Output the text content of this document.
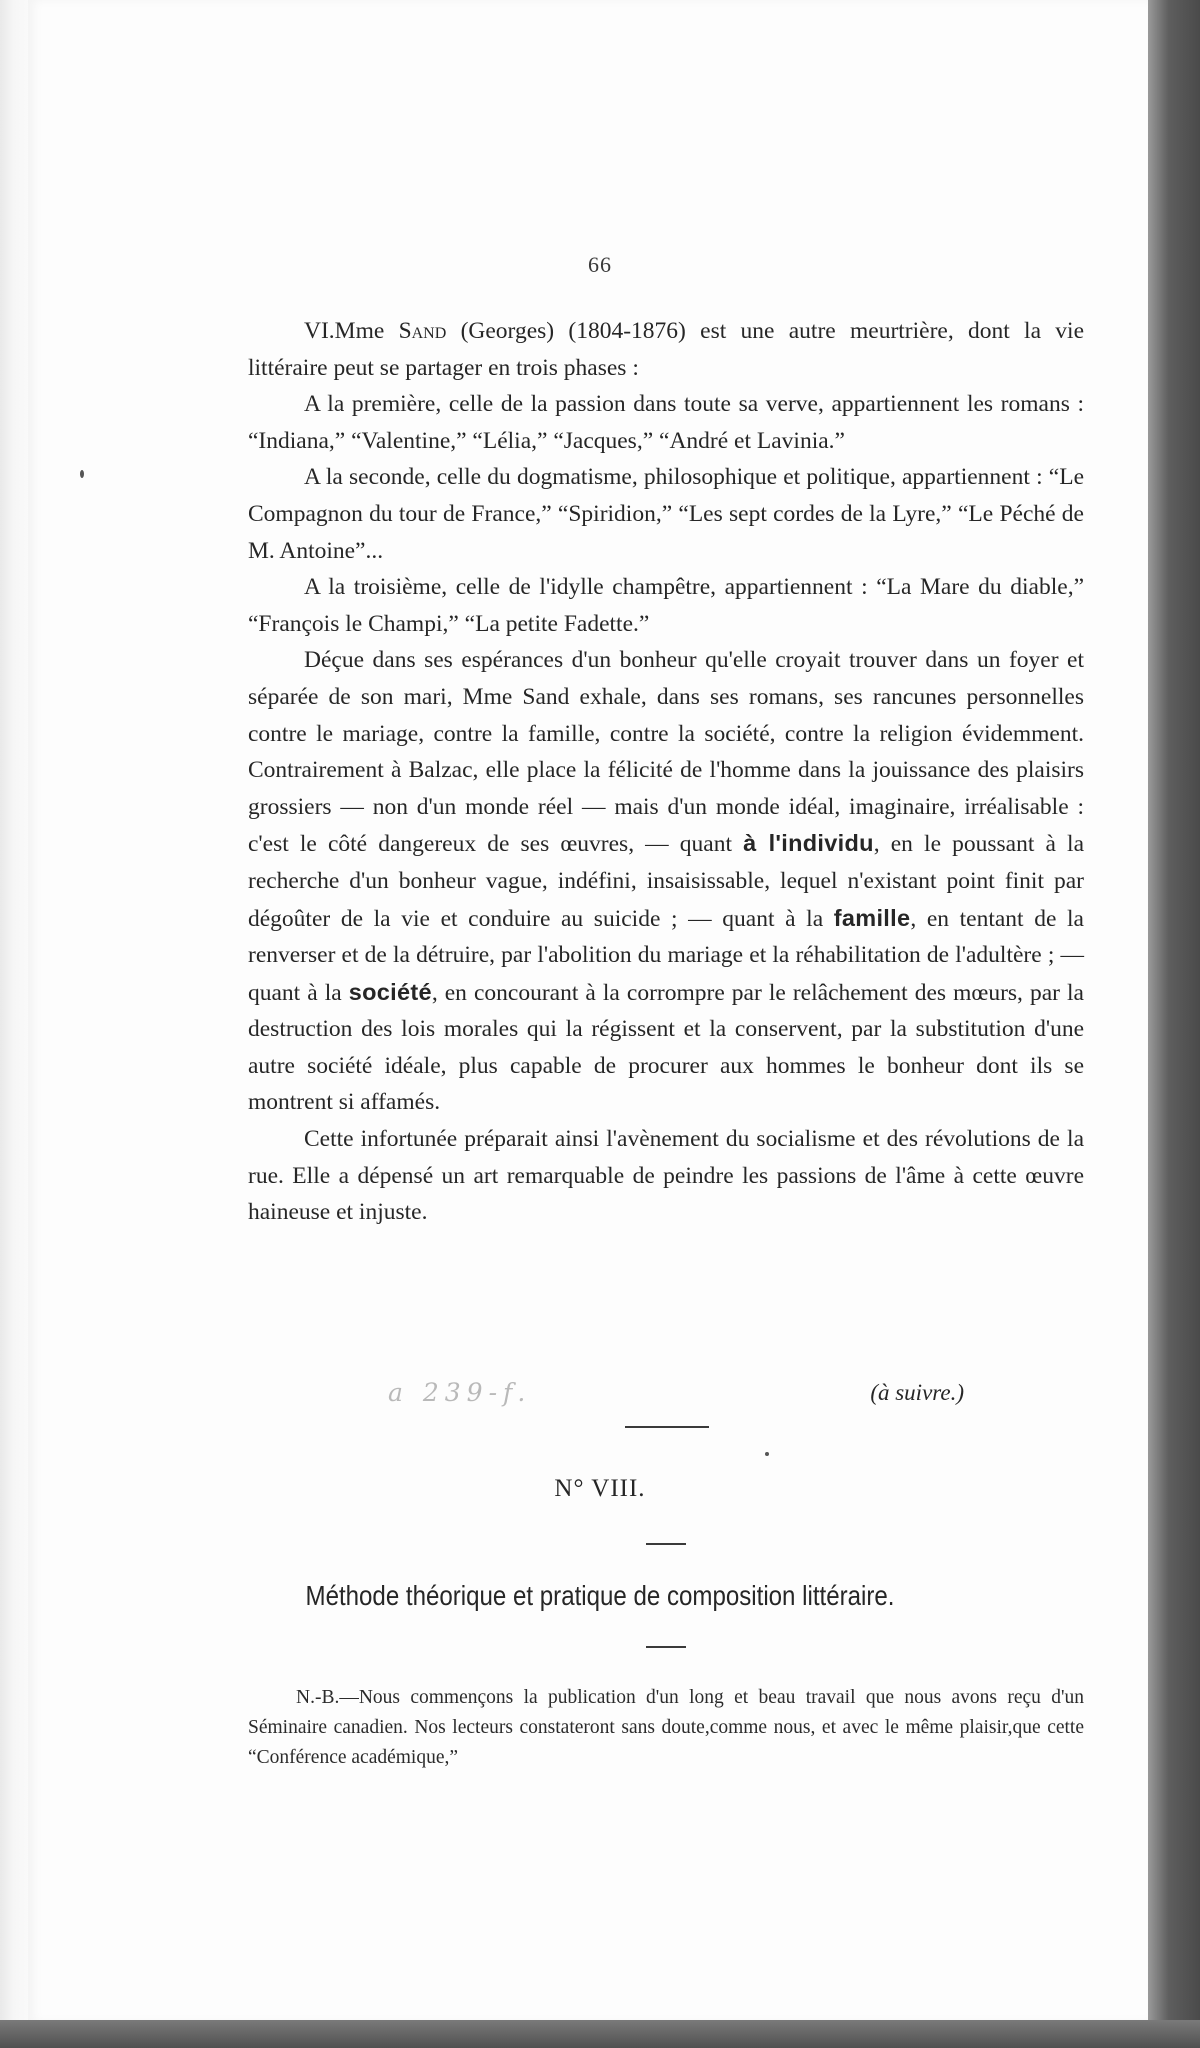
66

VI.Mme Sand (Georges) (1804-1876) est une autre meurtrière, dont la vie littéraire peut se partager en trois phases :

A la première, celle de la passion dans toute sa verve, appartiennent les romans : “Indiana,” “Valentine,” “Lélia,” “Jacques,” “André et Lavinia.”

A la seconde, celle du dogmatisme, philosophique et politique, appartiennent : “Le Compagnon du tour de France,” “Spiridion,” “Les sept cordes de la Lyre,” “Le Péché de M. Antoine”...

A la troisième, celle de l'idylle champêtre, appartiennent : “La Mare du diable,” “François le Champi,” “La petite Fadette.”

Déçue dans ses espérances d'un bonheur qu'elle croyait trouver dans un foyer et séparée de son mari, Mme Sand exhale, dans ses romans, ses rancunes personnelles contre le mariage, contre la famille, contre la société, contre la religion évidemment. Contrairement à Balzac, elle place la félicité de l'homme dans la jouissance des plaisirs grossiers — non d'un monde réel — mais d'un monde idéal, imaginaire, irréalisable : c'est le côté dangereux de ses œuvres, — quant à l'individu, en le poussant à la recherche d'un bonheur vague, indéfini, insaisissable, lequel n'existant point finit par dégoûter de la vie et conduire au suicide ; — quant à la famille, en tentant de la renverser et de la détruire, par l'abolition du mariage et la réhabilitation de l'adultère ; — quant à la société, en concourant à la corrompre par le relâchement des mœurs, par la destruction des lois morales qui la régissent et la conservent, par la substitution d'une autre société idéale, plus capable de procurer aux hommes le bonheur dont ils se montrent si affamés.

Cette infortunée préparait ainsi l'avènement du socialisme et des révolutions de la rue. Elle a dépensé un art remarquable de peindre les passions de l'âme à cette œuvre haineuse et injuste.

a 239-f.	(à suivre.)
N° VIII.
Méthode théorique et pratique de composition littéraire.

N.-B.—Nous commençons la publication d'un long et beau travail que nous avons reçu d'un Séminaire canadien. Nos lecteurs constateront sans doute,comme nous, et avec le même plaisir,que cette “Conférence académique,”
